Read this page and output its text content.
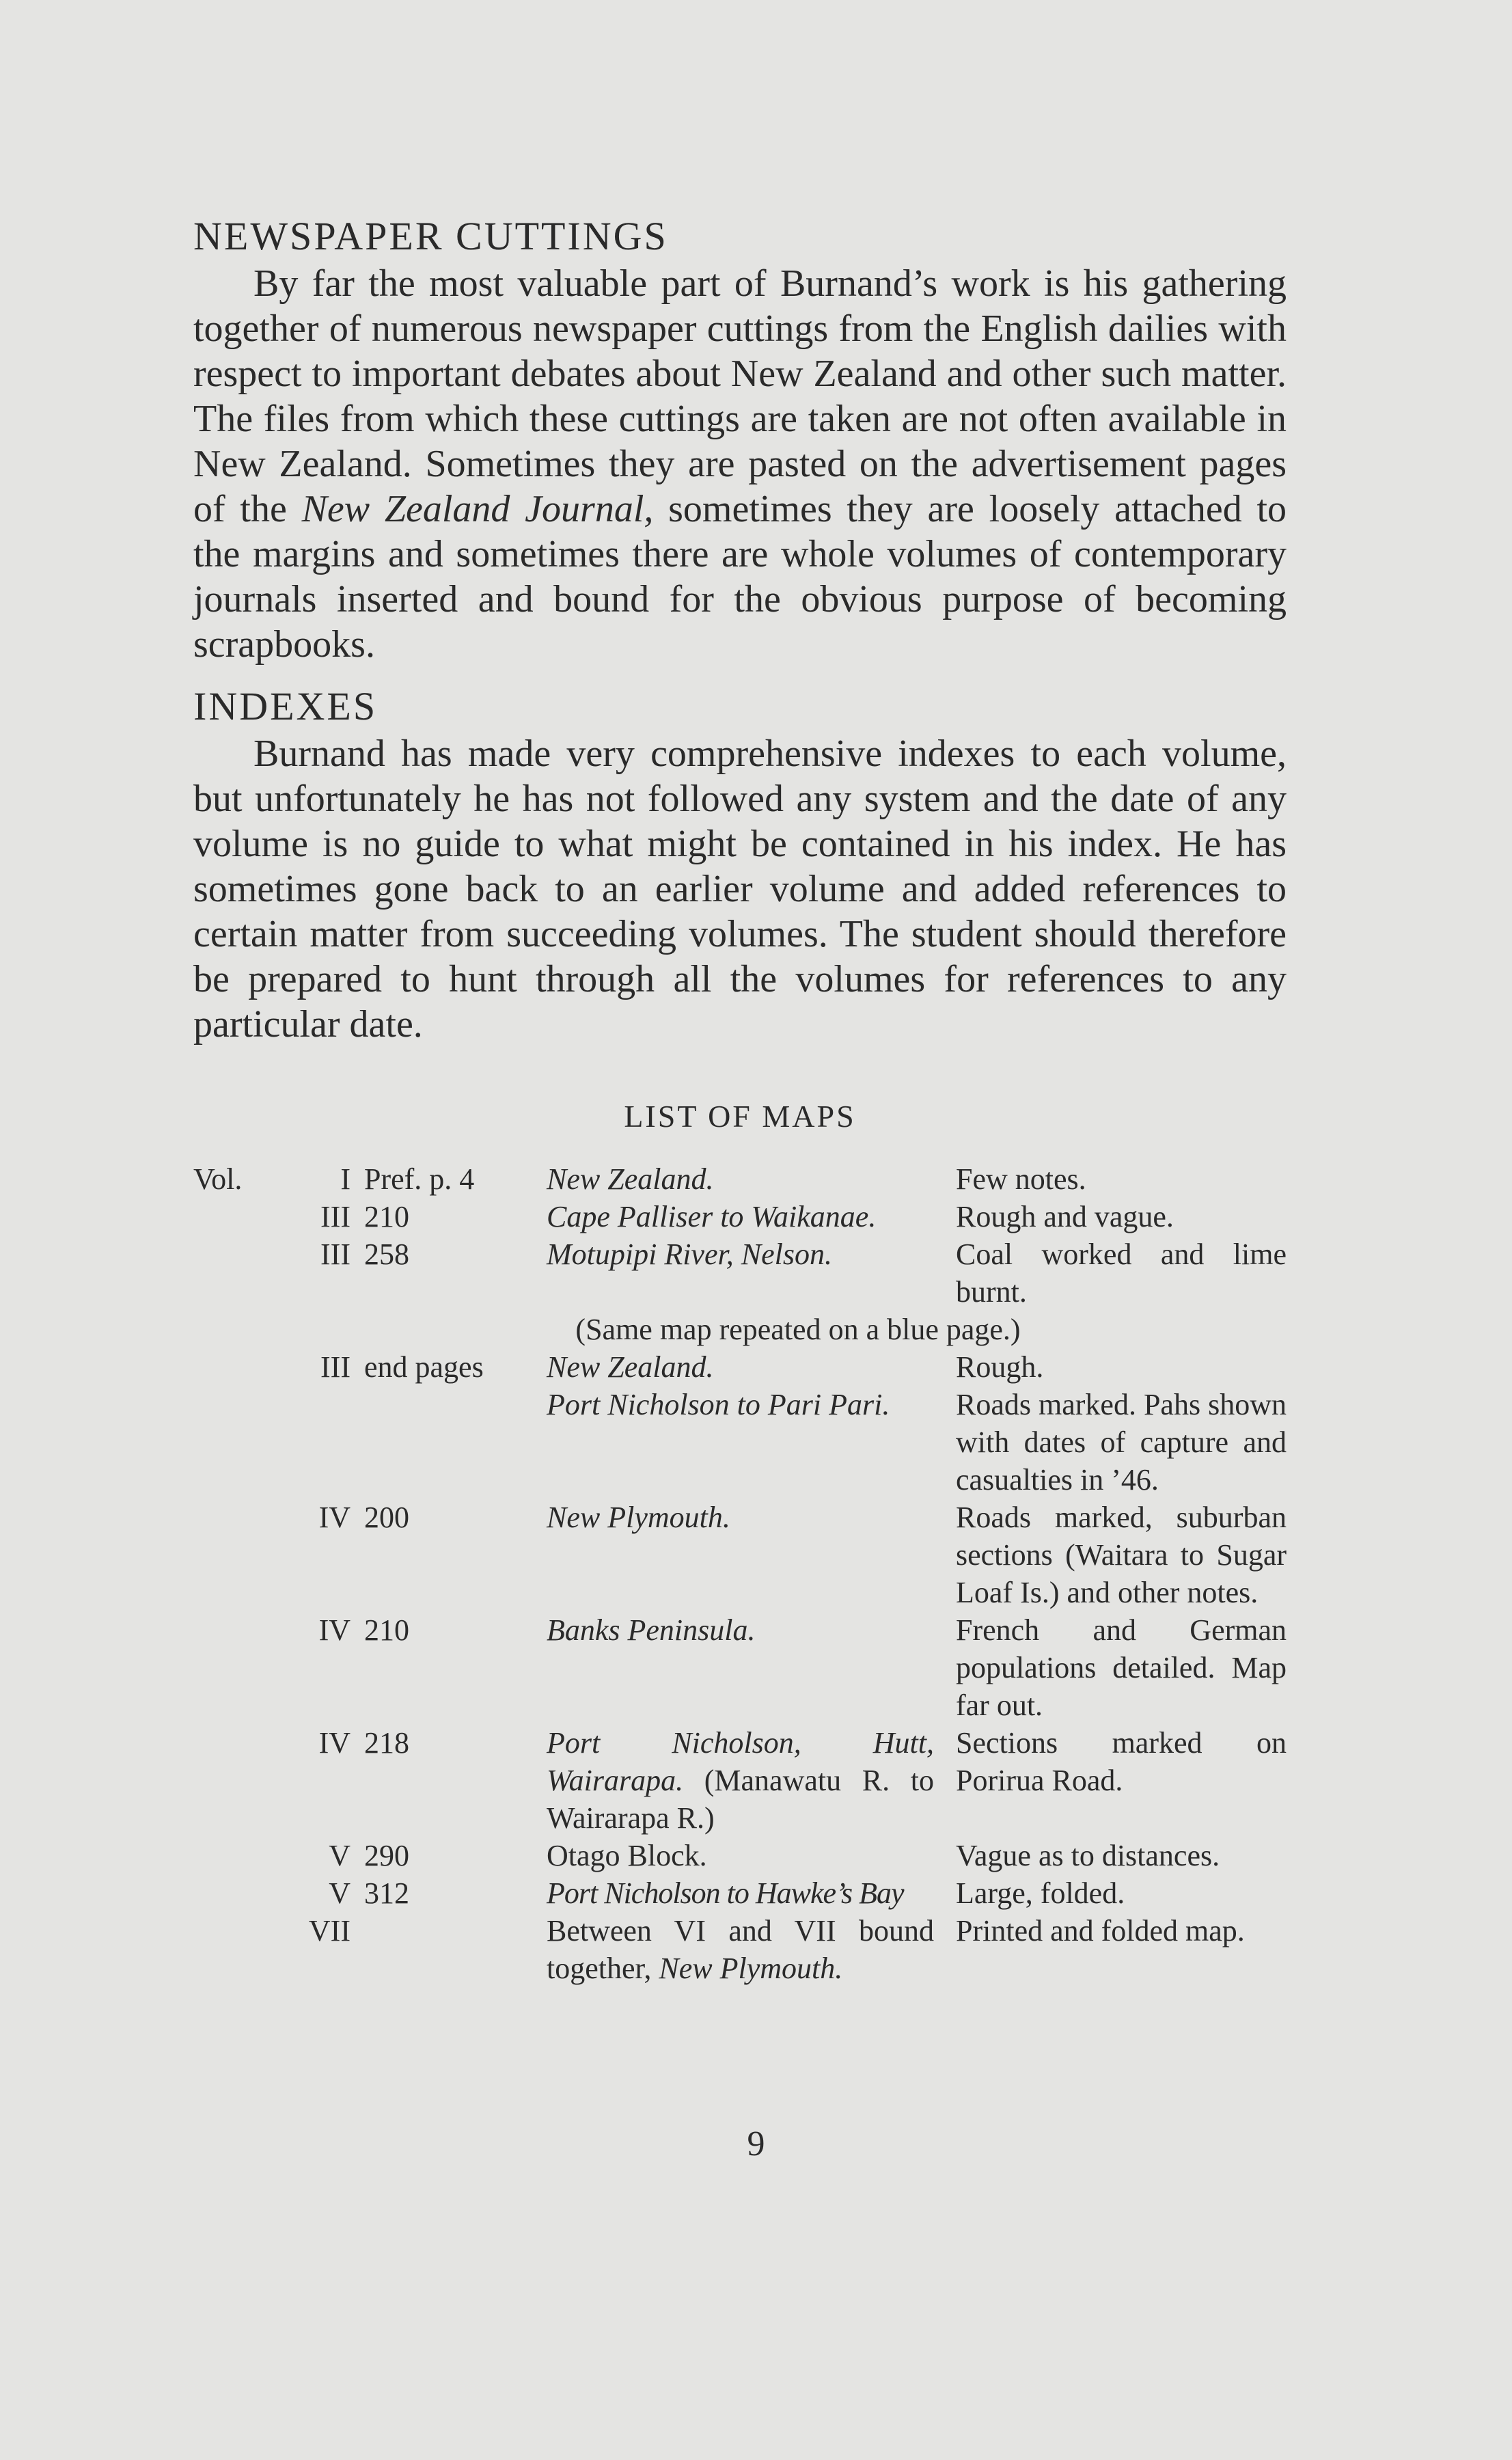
NEWSPAPER CUTTINGS

By far the most valuable part of Burnand’s work is his gathering together of numerous newspaper cuttings from the English dailies with respect to important debates about New Zealand and other such matter. The files from which these cuttings are taken are not often available in New Zealand. Sometimes they are pasted on the advertisement pages of the New Zealand Journal, sometimes they are loosely attached to the margins and sometimes there are whole volumes of contemporary journals inserted and bound for the obvious purpose of becoming scrapbooks.

INDEXES

Burnand has made very comprehensive indexes to each volume, but unfortunately he has not followed any system and the date of any volume is no guide to what might be contained in his index. He has sometimes gone back to an earlier volume and added references to certain matter from succeeding volumes. The student should therefore be prepared to hunt through all the volumes for references to any particular date.

LIST OF MAPS
Vol.	I	Pref. p. 4	New Zealand.	Few notes.
	III	210	Cape Palliser to Waikanae.	Rough and vague.
	III	258	Motupipi River, Nelson.	Coal worked and lime burnt.
(Same map repeated on a blue page.)				
	III	end pages	New Zealand.	Rough.
			Port Nicholson to Pari Pari.	Roads marked. Pahs shown with dates of capture and casualties in ’46.
	IV	200	New Plymouth.	Roads marked, suburban sections (Waitara to Sugar Loaf Is.) and other notes.
	IV	210	Banks Peninsula.	French and German populations detailed. Map far out.
	IV	218	Port Nicholson, Hutt, Wairarapa. (Manawatu R. to Wairarapa R.)	Sections marked on Porirua Road.
	V	290	Otago Block.	Vague as to distances.
	V	312	Port Nicholson to Hawke’s Bay	Large, folded.
	VII		Between VI and VII bound together, New Plymouth.	Printed and folded map.
9
